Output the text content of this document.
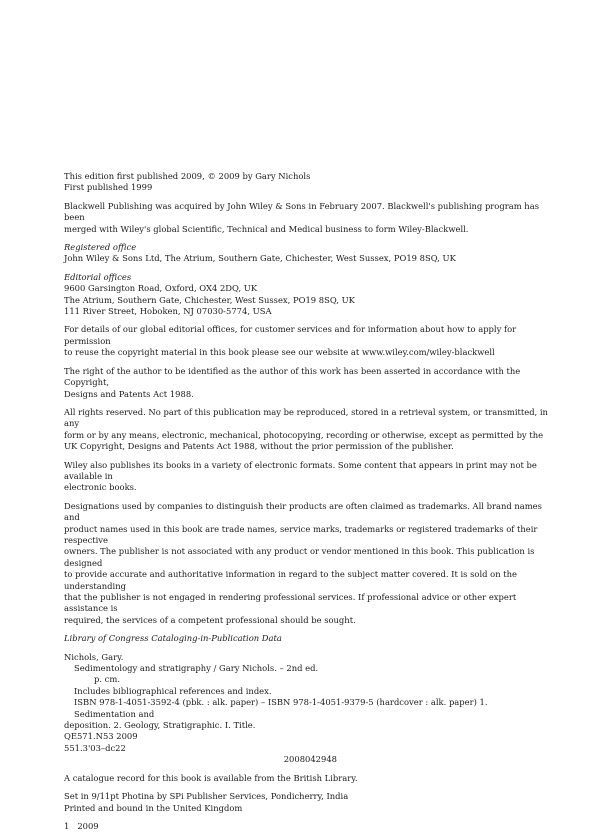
This edition first published 2009, © 2009 by Gary Nichols

First published 1999

Blackwell Publishing was acquired by John Wiley & Sons in February 2007. Blackwell's publishing program has been

merged with Wiley's global Scientific, Technical and Medical business to form Wiley-Blackwell.

Registered office

John Wiley & Sons Ltd, The Atrium, Southern Gate, Chichester, West Sussex, PO19 8SQ, UK

Editorial offices

9600 Garsington Road, Oxford, OX4 2DQ, UK

The Atrium, Southern Gate, Chichester, West Sussex, PO19 8SQ, UK

111 River Street, Hoboken, NJ 07030-5774, USA

For details of our global editorial offices, for customer services and for information about how to apply for permission

to reuse the copyright material in this book please see our website at www.wiley.com/wiley-blackwell

The right of the author to be identified as the author of this work has been asserted in accordance with the Copyright,

Designs and Patents Act 1988.

All rights reserved. No part of this publication may be reproduced, stored in a retrieval system, or transmitted, in any

form or by any means, electronic, mechanical, photocopying, recording or otherwise, except as permitted by the

UK Copyright, Designs and Patents Act 1988, without the prior permission of the publisher.

Wiley also publishes its books in a variety of electronic formats. Some content that appears in print may not be available in

electronic books.

Designations used by companies to distinguish their products are often claimed as trademarks. All brand names and

product names used in this book are trade names, service marks, trademarks or registered trademarks of their respective

owners. The publisher is not associated with any product or vendor mentioned in this book. This publication is designed

to provide accurate and authoritative information in regard to the subject matter covered. It is sold on the understanding

that the publisher is not engaged in rendering professional services. If professional advice or other expert assistance is

required, the services of a competent professional should be sought.

Library of Congress Cataloging-in-Publication Data

Nichols, Gary.

Sedimentology and stratigraphy / Gary Nichols. – 2nd ed.

p. cm.

Includes bibliographical references and index.

ISBN 978-1-4051-3592-4 (pbk. : alk. paper) – ISBN 978-1-4051-9379-5 (hardcover : alk. paper) 1. Sedimentation and

deposition. 2. Geology, Stratigraphic. I. Title.

QE571.N53 2009

551.3'03–dc22

2008042948

A catalogue record for this book is available from the British Library.

Set in 9/11pt Photina by SPi Publisher Services, Pondicherry, India

Printed and bound in the United Kingdom

1   2009
